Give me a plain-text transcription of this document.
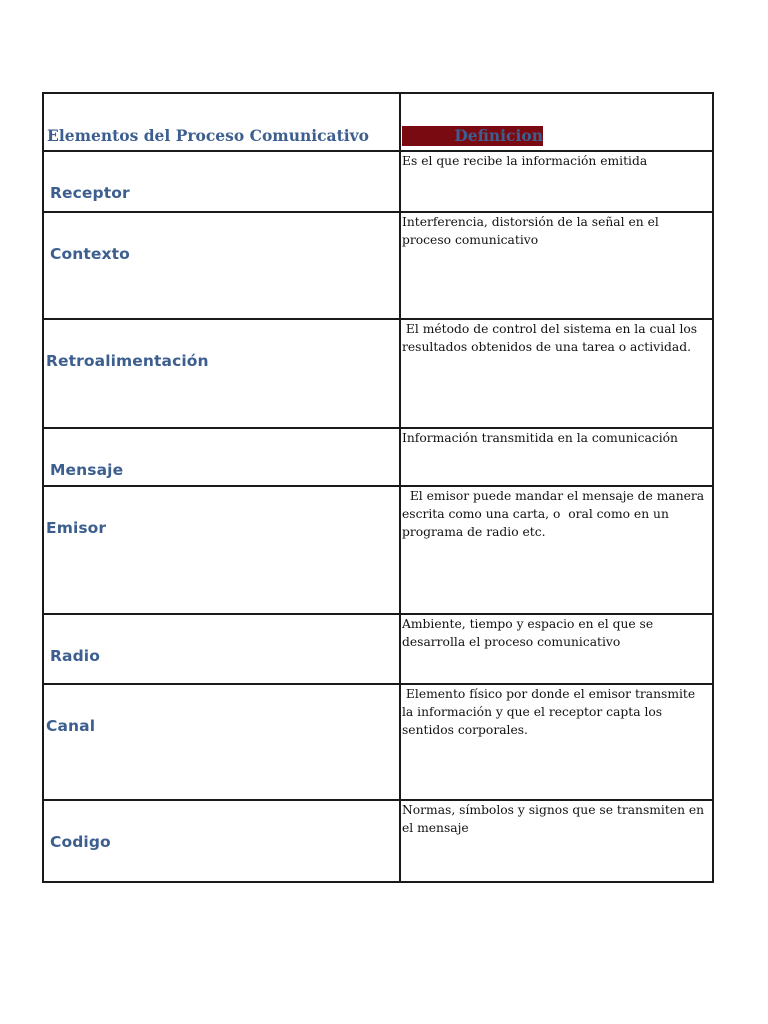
Elementos del Proceso Comunicativo	Definicion

Receptor	Es el que recibe la información emitida

Contexto	Interferencia, distorsión de la señal en el proceso comunicativo

Retroalimentación	El método de control del sistema en la cual los resultados obtenidos de una tarea o actividad.

Mensaje	Información transmitida en la comunicación

Emisor	El emisor puede mandar el mensaje de manera escrita como una carta, o  oral como en un programa de radio etc.

Radio	Ambiente, tiempo y espacio en el que se desarrolla el proceso comunicativo

Canal	Elemento físico por donde el emisor transmite la información y que el receptor capta los sentidos corporales.

Codigo	Normas, símbolos y signos que se transmiten en el mensaje
